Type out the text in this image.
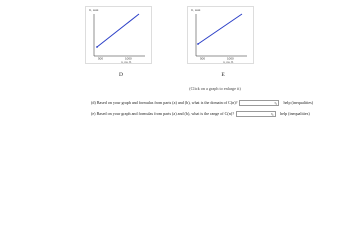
C, cost
n, no. ft.
500	1000
C, cost
n, no. ft.
500	1000
D	E
(Click on a graph to enlarge it)
(d) Based on your graph and formulas from parts (a) and (b), what is the domain of C(n)?	✎ help (inequalities)
(e) Based on your graph and formulas from parts (a) and (b), what is the range of C(n)?	✎ help (inequalities)
